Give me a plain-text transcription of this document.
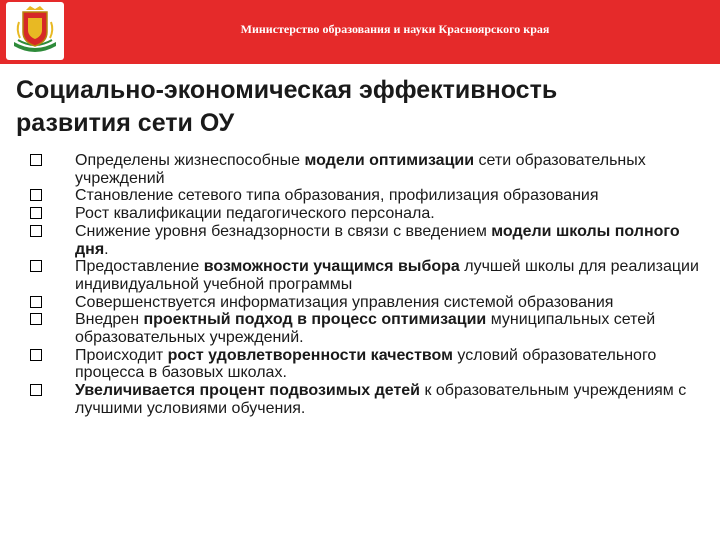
Министерство образования и науки Красноярского края
Социально-экономическая эффективность
развития сети ОУ
Определены жизнеспособные модели оптимизации сети образовательных учреждений
Становление сетевого типа образования, профилизация образования
Рост квалификации педагогического персонала.
Снижение уровня безнадзорности в связи с введением модели школы полного дня.
Предоставление возможности учащимся выбора лучшей школы для реализации индивидуальной учебной программы
Совершенствуется информатизация управления системой образования
Внедрен проектный подход в процесс оптимизации муниципальных сетей образовательных учреждений.
Происходит рост удовлетворенности качеством условий образовательного процесса в базовых школах.
Увеличивается процент подвозимых детей к образовательным учреждениям с лучшими условиями обучения.
